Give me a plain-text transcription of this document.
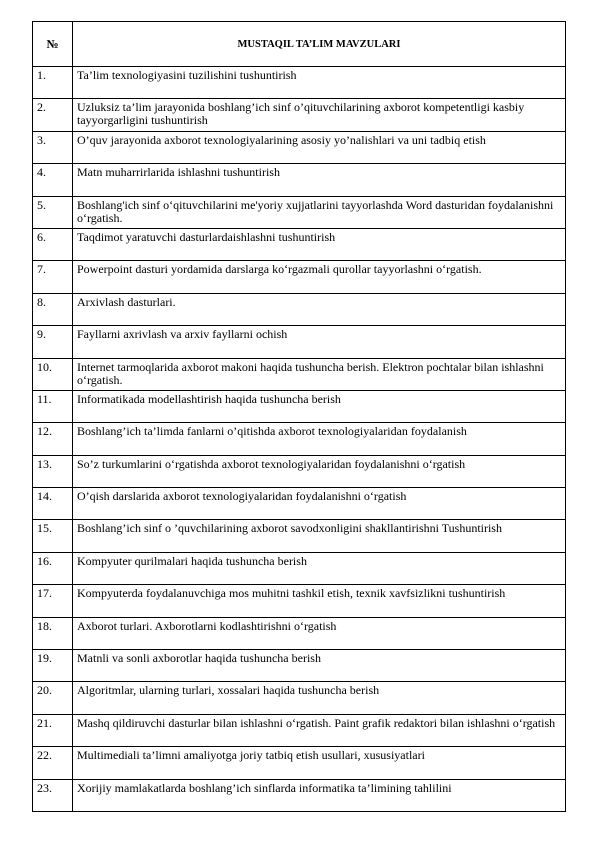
№	MUSTAQIL TA’LIM MAVZULARI
1.	Ta’lim texnologiyasini tuzilishini tushuntirish
2.	Uzluksiz ta’lim jarayonida boshlang’ich sinf o’qituvchilarining axborot kompetentligi kasbiy tayyorgarligini tushuntirish
3.	O’quv jarayonida axborot texnologiyalarining asosiy yo’nalishlari va uni tadbiq etish
4.	Matn muharrirlarida ishlashni tushuntirish
5.	Boshlang'ich sinf o‘qituvchilarini me'yoriy xujjatlarini tayyorlashda Word dasturidan foydalanishni o‘rgatish.
6.	Taqdimot yaratuvchi dasturlardaishlashni tushuntirish
7.	Powerpoint dasturi yordamida darslarga ko‘rgazmali qurollar tayyorlashni o‘rgatish.
8.	Arxivlash dasturlari.
9.	Fayllarni axrivlash va arxiv fayllarni ochish
10.	Internet tarmoqlarida axborot makoni haqida tushuncha berish. Elektron pochtalar bilan ishlashni o‘rgatish.
11.	Informatikada modellashtirish haqida tushuncha berish
12.	Boshlang’ich ta’limda fanlarni o’qitishda axborot texnologiyalaridan foydalanish
13.	So’z turkumlarini o‘rgatishda axborot texnologiyalaridan foydalanishni o‘rgatish
14.	O’qish darslarida axborot texnologiyalaridan foydalanishni o‘rgatish
15.	Boshlang’ich sinf o ’quvchilarining axborot savodxonligini shakllantirishni Tushuntirish
16.	Kompyuter qurilmalari haqida tushuncha berish
17.	Kompyuterda foydalanuvchiga mos muhitni tashkil etish, texnik xavfsizlikni tushuntirish
18.	Axborot turlari. Axborotlarni kodlashtirishni o‘rgatish
19.	Matnli va sonli axborotlar haqida tushuncha berish
20.	Algoritmlar, ularning turlari, xossalari haqida tushuncha berish
21.	Mashq qildiruvchi dasturlar bilan ishlashni o‘rgatish. Paint grafik redaktori bilan ishlashni o‘rgatish
22.	Multimediali ta’limni amaliyotga joriy tatbiq etish usullari, xususiyatlari
23.	Xorijiy mamlakatlarda boshlang’ich sinflarda informatika ta’limining tahlilini
